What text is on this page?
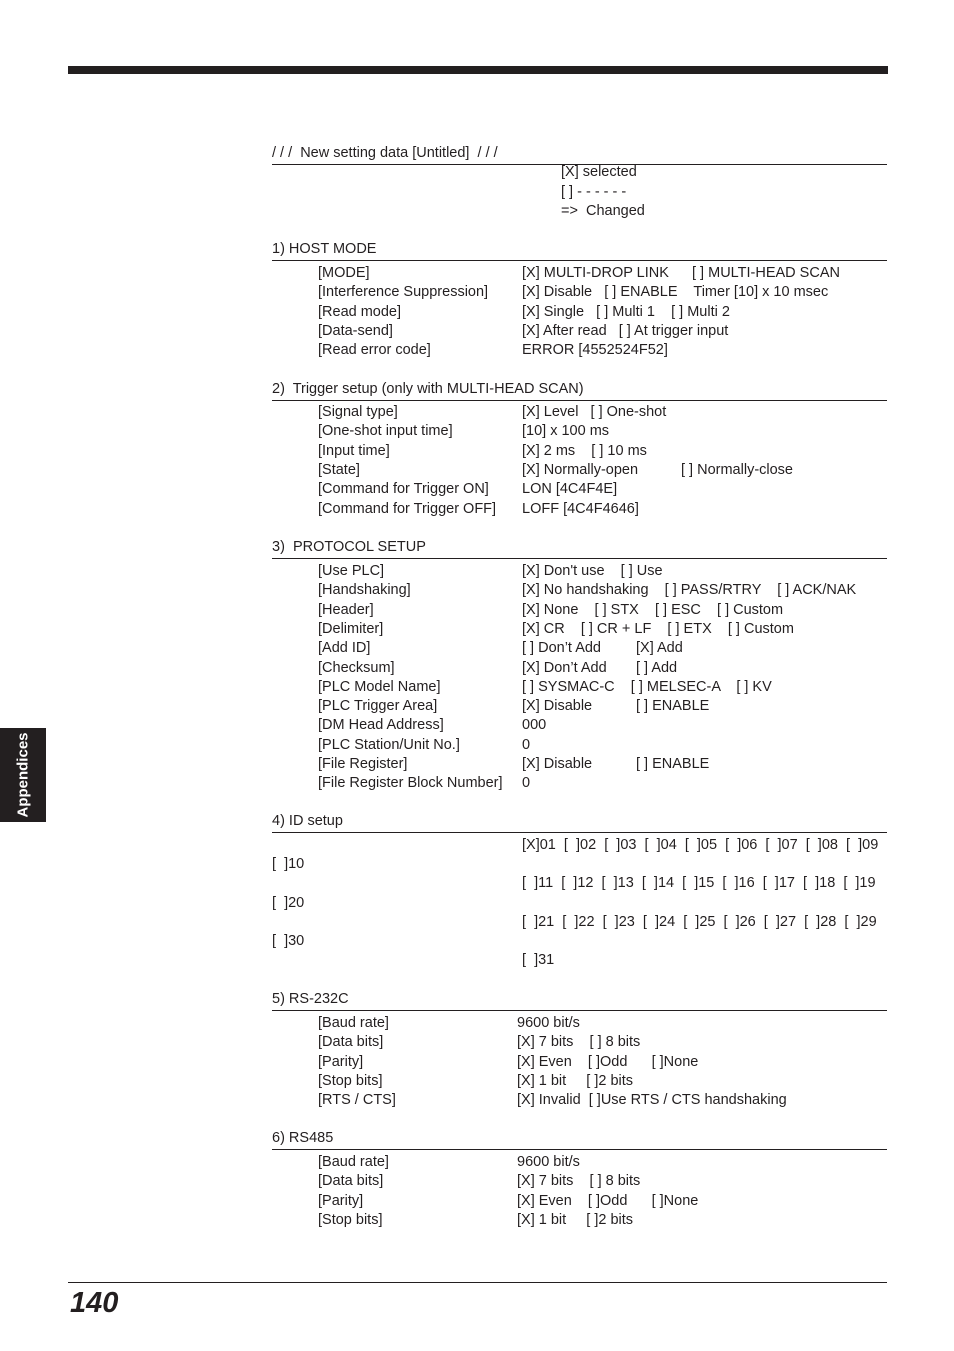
Appendices
/ / /  New setting data [Untitled]  / / /
[X] selected
[ ] - - - - - -
=>  Changed
1) HOST MODE
[MODE]	[X] MULTI-DROP LINK [ ] MULTI-HEAD SCAN
[Interference Suppression] [X] Disable   [ ] ENABLE    Timer [10] x 10 msec
[Read mode]	[X] Single   [ ] Multi 1    [ ] Multi 2
[Data-send]	[X] After read   [ ] At trigger input
[Read error code]	ERROR [4552524F52]
2)  Trigger setup (only with MULTI-HEAD SCAN)
[Signal type]	[X] Level   [ ] One-shot
[One-shot input time]	[10] x 100 ms
[Input time]	[X] 2 ms    [ ] 10 ms
[State]	[X] Normally-open	[ ] Normally-close
[Command for Trigger ON] LON [4C4F4E]
[Command for Trigger OFF] LOFF [4C4F4646]
3)  PROTOCOL SETUP
[Use PLC]	[X] Don't use    [ ] Use
[Handshaking]	[X] No handshaking    [ ] PASS/RTRY    [ ] ACK/NAK
[Header]	[X] None    [ ] STX    [ ] ESC    [ ] Custom
[Delimiter]	[X] CR    [ ] CR + LF    [ ] ETX    [ ] Custom
[Add ID]	[ ] Don’t Add [X] Add
[Checksum]	[X] Don’t Add [ ] Add
[PLC Model Name]	[ ] SYSMAC-C    [ ] MELSEC-A    [ ] KV
[PLC Trigger Area]	[X] Disable	[ ] ENABLE
[DM Head Address]	000
[PLC Station/Unit No.]	0
[File Register]	[X] Disable	[ ] ENABLE
[File Register Block Number] 0
4) ID setup
[X]01  [  ]02  [  ]03  [  ]04  [  ]05  [  ]06  [  ]07  [  ]08  [  ]09
[  ]10
[  ]11  [  ]12  [  ]13  [  ]14  [  ]15  [  ]16  [  ]17  [  ]18  [  ]19
[  ]20
[  ]21  [  ]22  [  ]23  [  ]24  [  ]25  [  ]26  [  ]27  [  ]28  [  ]29
[  ]30
[  ]31
5) RS-232C
[Baud rate]	9600 bit/s
[Data bits]	[X] 7 bits    [ ] 8 bits
[Parity]	[X] Even    [ ]Odd      [ ]None
[Stop bits]	[X] 1 bit     [ ]2 bits
[RTS / CTS]	[X] Invalid  [ ]Use RTS / CTS handshaking
6) RS485
[Baud rate]	9600 bit/s
[Data bits]	[X] 7 bits    [ ] 8 bits
[Parity]	[X] Even    [ ]Odd      [ ]None
[Stop bits]	[X] 1 bit     [ ]2 bits
140
